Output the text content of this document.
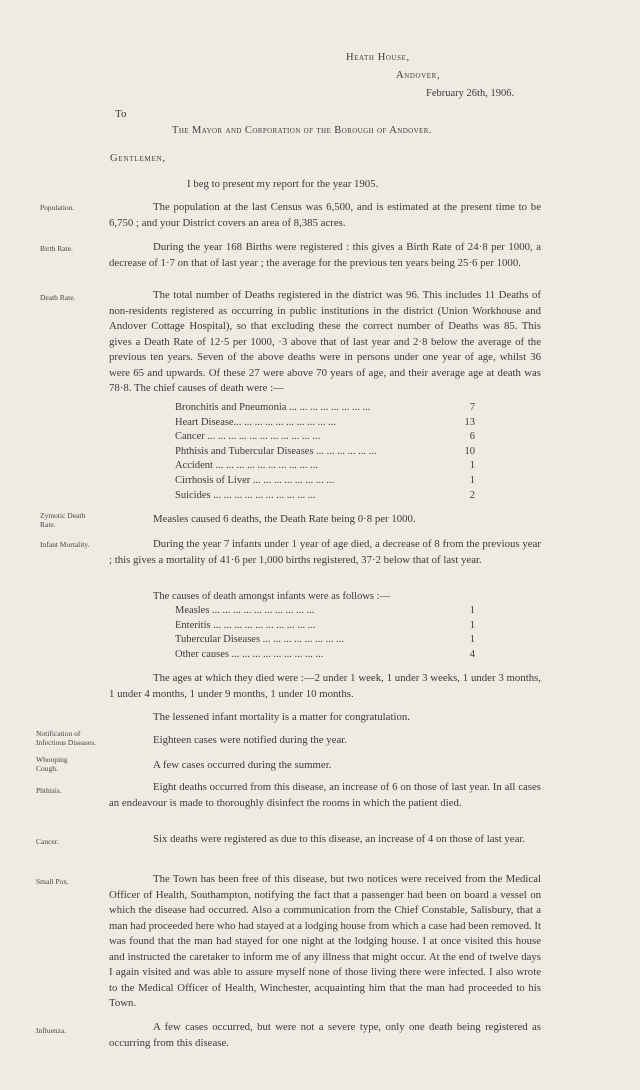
Heath House,
Andover,
February 26th, 1906.
To
The Mayor and Corporation of the Borough of Andover.
Gentlemen,
I beg to present my report for the year 1905.
Population.	The population at the last Census was 6,500, and is estimated at the present time to be 6,750 ; and your District covers an area of 8,385 acres.
Birth Rate.	During the year 168 Births were registered : this gives a Birth Rate of 24·8 per 1000, a decrease of 1·7 on that of last year ; the average for the previous ten years being 25·6 per 1000.
Death Rate.	The total number of Deaths registered in the district was 96. This includes 11 Deaths of non-residents registered as occurring in public institutions in the district (Union Workhouse and Andover Cottage Hospital), so that excluding these the correct number of Deaths was 85. This gives a Death Rate of 12·5 per 1000, ·3 above that of last year and 2·8 below the average of the previous ten years. Seven of the above deaths were in persons under one year of age, whilst 36 were 65 and upwards. Of these 27 were above 70 years of age, and their average age at death was 78·8. The chief causes of death were :—
Bronchitis and Pneumonia ... ... ... ... ... ... ... ...	7
Heart Disease... ... ... ... ... ... ... ... ... ...	13
Cancer ... ... ... ... ... ... ... ... ... ... ...	6
Phthisis and Tubercular Diseases ... ... ... ... ... ...	10
Accident ... ... ... ... ... ... ... ... ... ...	1
Cirrhosis of Liver ... ... ... ... ... ... ... ...	1
Suicides ... ... ... ... ... ... ... ... ... ...	2
Zymotic Death Rate.	Measles caused 6 deaths, the Death Rate being 0·8 per 1000.
Infant Mortality.	During the year 7 infants under 1 year of age died, a decrease of 8 from the previous year ; this gives a mortality of 41·6 per 1,000 births registered, 37·2 below that of last year.
The causes of death amongst infants were as follows :—
Measles ... ... ... ... ... ... ... ... ... ...	1
Enteritis ... ... ... ... ... ... ... ... ... ...	1
Tubercular Diseases ... ... ... ... ... ... ... ...	1
Other causes ... ... ... ... ... ... ... ... ...	4
The ages at which they died were :—2 under 1 week, 1 under 3 weeks, 1 under 3 months, 1 under 4 months, 1 under 9 months, 1 under 10 months.
The lessened infant mortality is a matter for congratulation.
Notification of Infectious Diseases.	Eighteen cases were notified during the year.
Whooping Cough.	A few cases occurred during the summer.
Phthisis.	Eight deaths occurred from this disease, an increase of 6 on those of last year. In all cases an endeavour is made to thoroughly disinfect the rooms in which the patient died.
Cancer.	Six deaths were registered as due to this disease, an increase of 4 on those of last year.
Small Pox.	The Town has been free of this disease, but two notices were received from the Medical Officer of Health, Southampton, notifying the fact that a passenger had been on board a vessel on which the disease had occurred. Also a communication from the Chief Constable, Salisbury, that a man had proceeded here who had stayed at a lodging house from which a case had been removed. It was found that the man had stayed for one night at the lodging house. I at once visited this house and instructed the caretaker to inform me of any illness that might occur. At the end of twelve days I again visited and was able to assure myself none of those living there were infected. I also wrote to the Medical Officer of Health, Winchester, acquainting him that the man had proceeded to his Town.
Influenza.	A few cases occurred, but were not a severe type, only one death being registered as occurring from this disease.
